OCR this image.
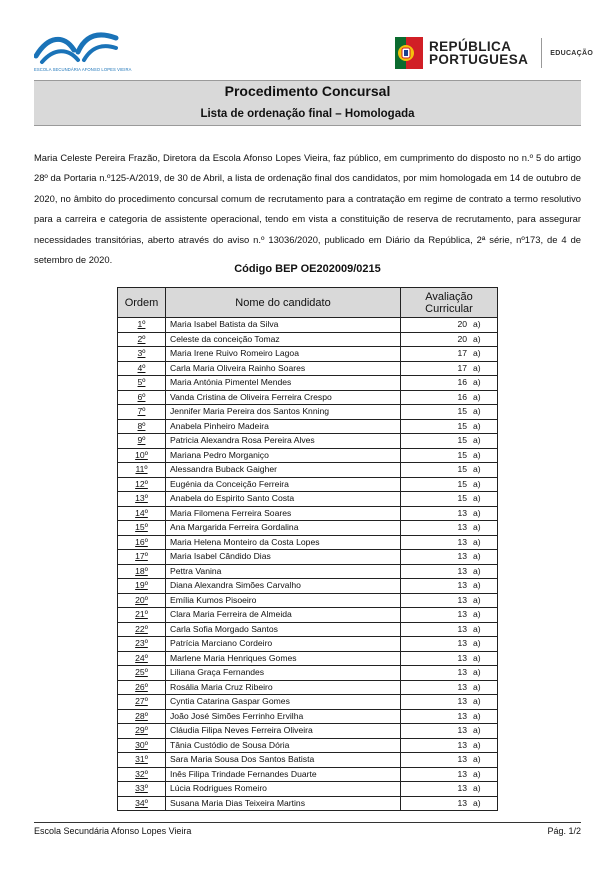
ESCOLA SECUNDÁRIA AFONSO LOPES VIEIRA
REPÚBLICA
PORTUGUESA	EDUCAÇÃO
Procedimento Concursal
Lista de ordenação final – Homologada
Maria Celeste Pereira Frazão, Diretora da Escola Afonso Lopes Vieira, faz público, em cumprimento do disposto no n.º 5 do artigo 28º da Portaria n.º125-A/2019, de 30 de Abril, a lista de ordenação final dos candidatos, por mim homologada em 14 de outubro de 2020, no âmbito do procedimento concursal comum de recrutamento para a contratação em regime de contrato a termo resolutivo para a carreira e categoria de assistente operacional, tendo em vista a constituição de reserva de recrutamento, para assegurar necessidades transitórias, aberto através do aviso n.º 13036/2020, publicado em Diário da República, 2ª série, nº173, de 4 de setembro de 2020.
Código BEP OE202009/0215
Ordem	Nome do candidato	Avaliação Curricular
1º	Maria Isabel Batista da Silva	20 a)

2º	Celeste da conceição Tomaz	20 a)

3º	Maria Irene Ruivo Romeiro Lagoa	17 a)

4º	Carla Maria Oliveira Rainho Soares	17 a)

5º	Maria Antónia Pimentel Mendes	16 a)

6º	Vanda Cristina de Oliveira Ferreira Crespo	16 a)

7º	Jennifer Maria Pereira dos Santos Knning	15 a)

8º	Anabela Pinheiro Madeira	15 a)

9º	Patricia Alexandra Rosa Pereira Alves	15 a)

10º	Mariana Pedro Morganiço	15 a)

11º	Alessandra Buback Gaigher	15 a)

12º	Eugénia da Conceição Ferreira	15 a)

13º	Anabela do Espirito Santo Costa	15 a)

14º	Maria Filomena Ferreira Soares	13 a)

15º	Ana Margarida Ferreira Gordalina	13 a)

16º	Maria Helena Monteiro da Costa Lopes	13 a)

17º	Maria Isabel Cândido Dias	13 a)

18º	Pettra Vanina	13 a)

19º	Diana Alexandra Simões Carvalho	13 a)

20º	Emília Kumos Pisoeiro	13 a)

21º	Clara Maria Ferreira de Almeida	13 a)

22º	Carla Sofia Morgado Santos	13 a)

23º	Patrícia Marciano Cordeiro	13 a)

24º	Marlene Maria Henriques Gomes	13 a)

25º	Liliana Graça Fernandes	13 a)

26º	Rosália Maria Cruz Ribeiro	13 a)

27º	Cyntia Catarina Gaspar Gomes	13 a)

28º	João José Simões Ferrinho Ervilha	13 a)

29º	Cláudia Filipa Neves Ferreira Oliveira	13 a)

30º	Tânia Custódio de Sousa Dória	13 a)

31º	Sara Maria Sousa Dos Santos Batista	13 a)

32º	Inês Filipa Trindade Fernandes Duarte	13 a)

33º	Lúcia Rodrigues Romeiro	13 a)

34º	Susana Maria Dias Teixeira Martins	13 a)
Escola Secundária Afonso Lopes Vieira	Pág. 1/2
